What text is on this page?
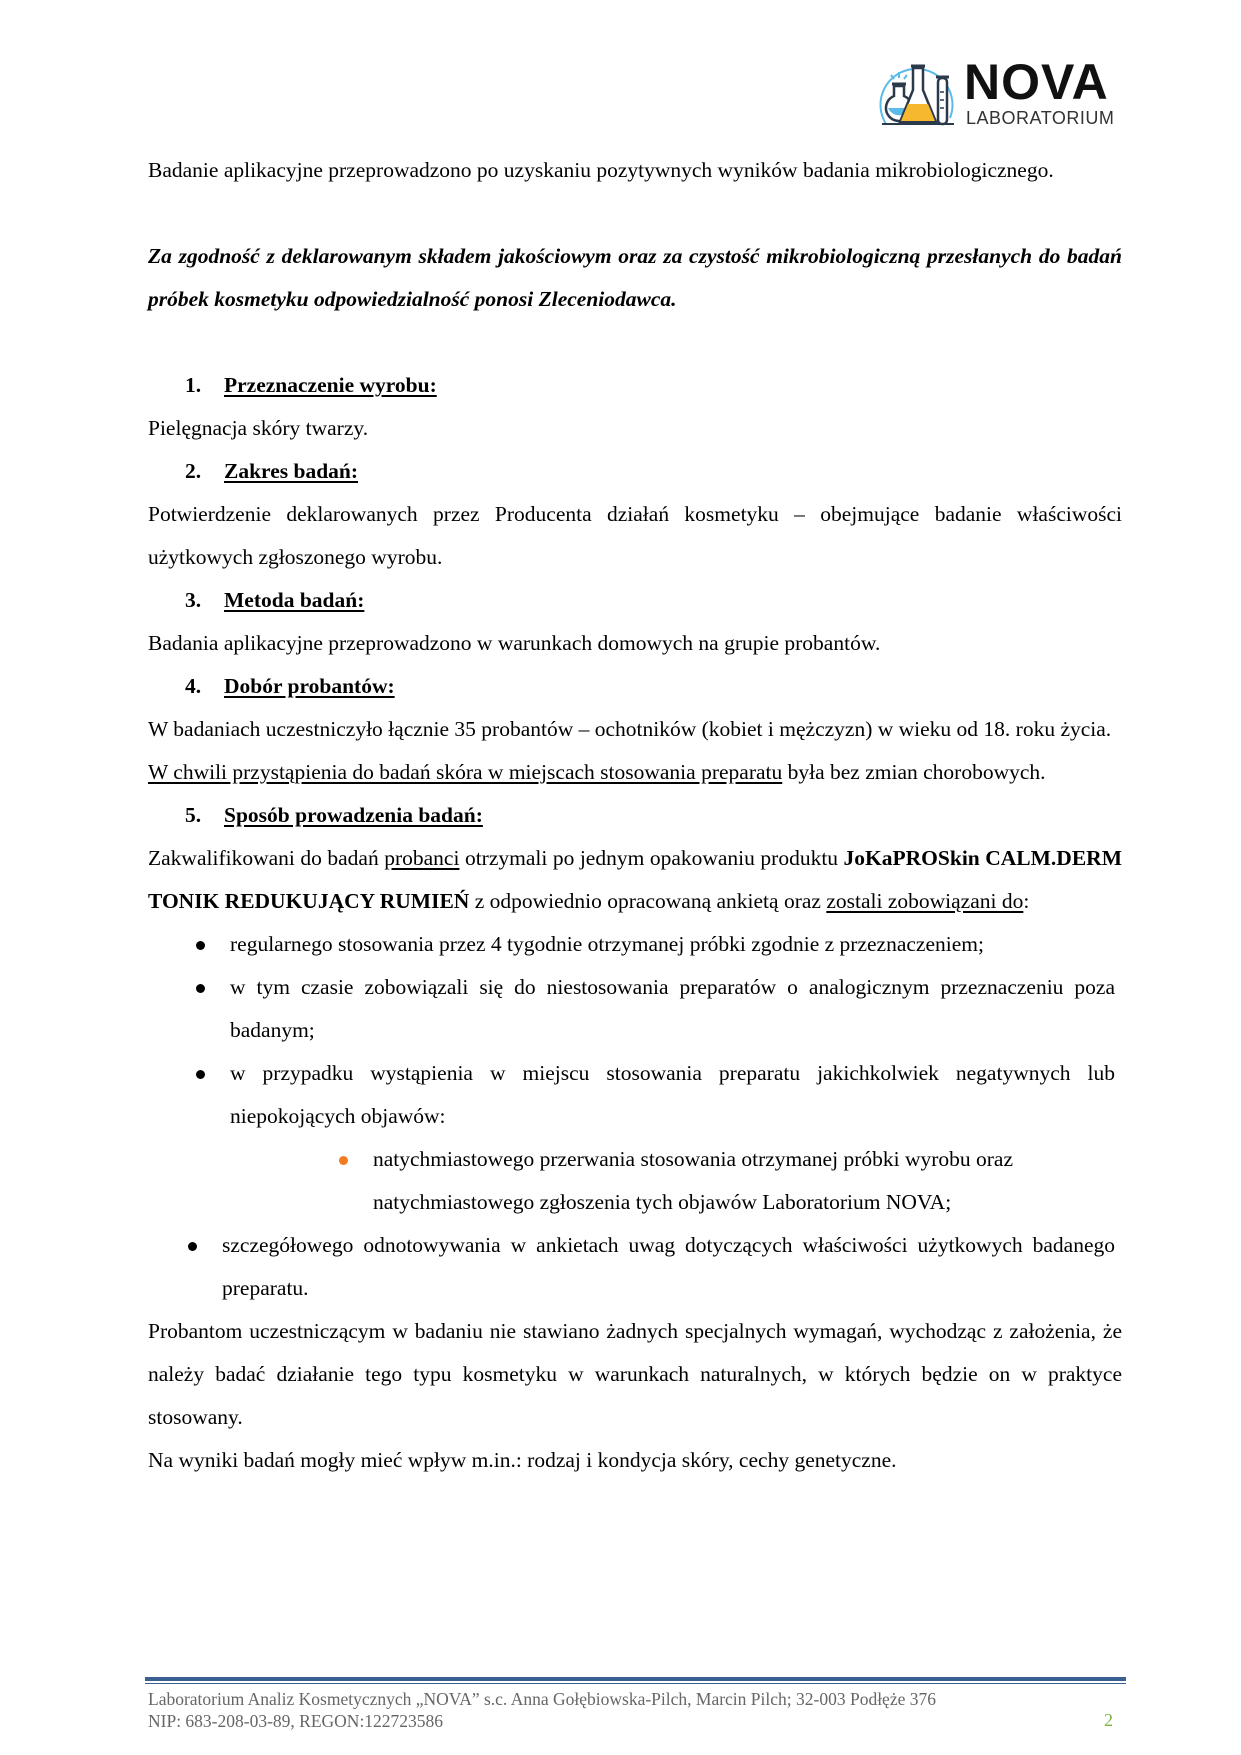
NOVA
LABORATORIUM

Badanie aplikacyjne przeprowadzono po uzyskaniu pozytywnych wyników badania mikrobiologicznego.

Za zgodność z deklarowanym składem jakościowym oraz za czystość mikrobiologiczną przesłanych do badań próbek kosmetyku odpowiedzialność ponosi Zleceniodawca.

1. Przeznaczenie wyrobu:

Pielęgnacja skóry twarzy.

2. Zakres badań:

Potwierdzenie deklarowanych przez Producenta działań kosmetyku – obejmujące badanie właściwości użytkowych zgłoszonego wyrobu.

3. Metoda badań:

Badania aplikacyjne przeprowadzono w warunkach domowych na grupie probantów.

4. Dobór probantów:

W badaniach uczestniczyło łącznie 35 probantów – ochotników (kobiet i mężczyzn) w wieku od 18. roku życia.

W chwili przystąpienia do badań skóra w miejscach stosowania preparatu była bez zmian chorobowych.

5. Sposób prowadzenia badań:

Zakwalifikowani do badań probanci otrzymali po jednym opakowaniu produktu JoKaPROSkin CALM.DERM TONIK REDUKUJĄCY RUMIEŃ z odpowiednio opracowaną ankietą oraz zostali zobowiązani do:

regularnego stosowania przez 4 tygodnie otrzymanej próbki zgodnie z przeznaczeniem;
w tym czasie zobowiązali się do niestosowania preparatów o analogicznym przeznaczeniu poza badanym;
w przypadku wystąpienia w miejscu stosowania preparatu jakichkolwiek negatywnych lub niepokojących objawów:
natychmiastowego przerwania stosowania otrzymanej próbki wyrobu oraz natychmiastowego zgłoszenia tych objawów Laboratorium NOVA;
szczegółowego odnotowywania w ankietach uwag dotyczących właściwości użytkowych badanego preparatu.

Probantom uczestniczącym w badaniu nie stawiano żadnych specjalnych wymagań, wychodząc z założenia, że należy badać działanie tego typu kosmetyku w warunkach naturalnych, w których będzie on w praktyce stosowany.

Na wyniki badań mogły mieć wpływ m.in.: rodzaj i kondycja skóry, cechy genetyczne.

Laboratorium Analiz Kosmetycznych „NOVA” s.c. Anna Gołębiowska-Pilch, Marcin Pilch; 32-003 Podłęże 376
NIP: 683-208-03-89, REGON:122723586	2
